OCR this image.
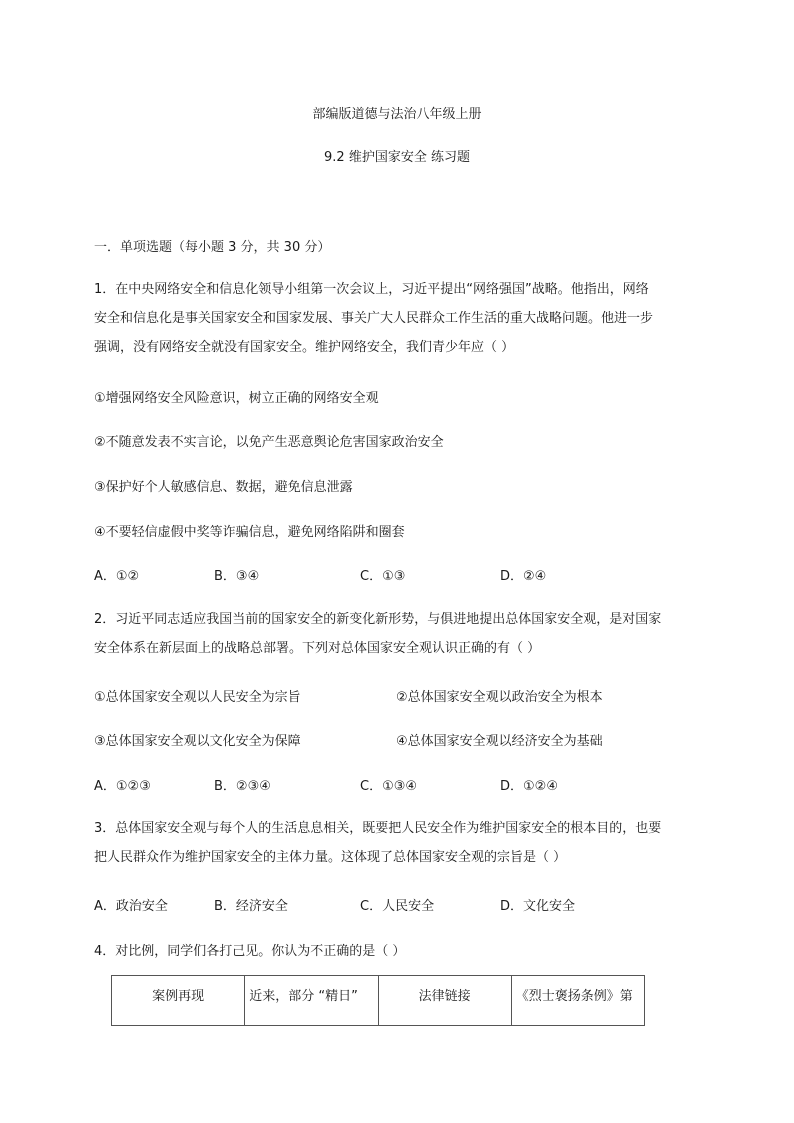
部编版道德与法治八年级上册
9.2 维护国家安全 练习题
一．单项选题（每小题 3 分，共 30 分）
1．在中央网络安全和信息化领导小组第一次会议上，习近平提出“网络强国”战略。他指出，网络
安全和信息化是事关国家安全和国家发展、事关广大人民群众工作生活的重大战略问题。他进一步
强调，没有网络安全就没有国家安全。维护网络安全，我们青少年应（ ）
①增强网络安全风险意识，树立正确的网络安全观
②不随意发表不实言论，以免产生恶意舆论危害国家政治安全
③保护好个人敏感信息、数据，避免信息泄露
④不要轻信虚假中奖等诈骗信息，避免网络陷阱和圈套
A．①②	B．③④	C．①③	D．②④
2．习近平同志适应我国当前的国家安全的新变化新形势，与俱进地提出总体国家安全观，是对国家
安全体系在新层面上的战略总部署。下列对总体国家安全观认识正确的有（ ）
①总体国家安全观以人民安全为宗旨	②总体国家安全观以政治安全为根本
③总体国家安全观以文化安全为保障	④总体国家安全观以经济安全为基础
A．①②③	B．②③④	C．①③④	D．①②④
3．总体国家安全观与每个人的生活息息相关，既要把人民安全作为维护国家安全的根本目的，也要
把人民群众作为维护国家安全的主体力量。这体现了总体国家安全观的宗旨是（ ）
A．政治安全	B．经济安全	C．人民安全	D．文化安全
4．对比例，同学们各打己见。你认为不正确的是（ ）
案例再现	近来，部分 “精日”	法律链接	《烈士褒扬条例》第
